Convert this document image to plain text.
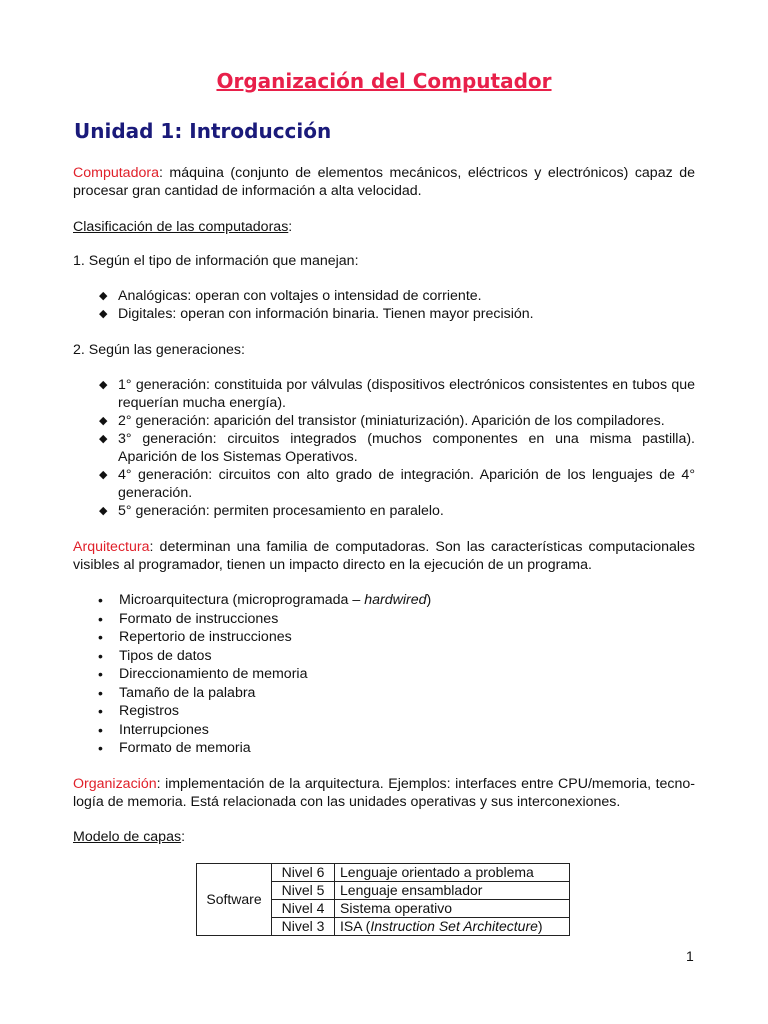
Organización del Computador
Unidad 1: Introducción
Computadora: máquina (conjunto de elementos mecánicos, eléctricos y electrónicos) capaz de
procesar gran cantidad de información a alta velocidad.
Clasificación de las computadoras:
1. Según el tipo de información que manejan:
◆ Analógicas: operan con voltajes o intensidad de corriente.
◆ Digitales: operan con información binaria. Tienen mayor precisión.
2. Según las generaciones:
◆ 1° generación: constituida por válvulas (dispositivos electrónicos consistentes en tubos que requerían mucha energía).
◆ 2° generación: aparición del transistor (miniaturización). Aparición de los compiladores.
◆ 3° generación: circuitos integrados (muchos componentes en una misma pastilla). Aparición de los Sistemas Operativos.
◆ 4° generación: circuitos con alto grado de integración. Aparición de los lenguajes de 4° generación.
◆ 5° generación: permiten procesamiento en paralelo.
Arquitectura: determinan una familia de computadoras. Son las características computacionales
visibles al programador, tienen un impacto directo en la ejecución de un programa.
• Microarquitectura (microprogramada – hardwired)
• Formato de instrucciones
• Repertorio de instrucciones
• Tipos de datos
• Direccionamiento de memoria
• Tamaño de la palabra
• Registros
• Interrupciones
• Formato de memoria
Organización: implementación de la arquitectura. Ejemplos: interfaces entre CPU/memoria, tecno-
logía de memoria. Está relacionada con las unidades operativas y sus interconexiones.
Modelo de capas:
Software	Nivel 6	Lenguaje orientado a problema
	Nivel 5	Lenguaje ensamblador
	Nivel 4	Sistema operativo
	Nivel 3	ISA (Instruction Set Architecture)
1
